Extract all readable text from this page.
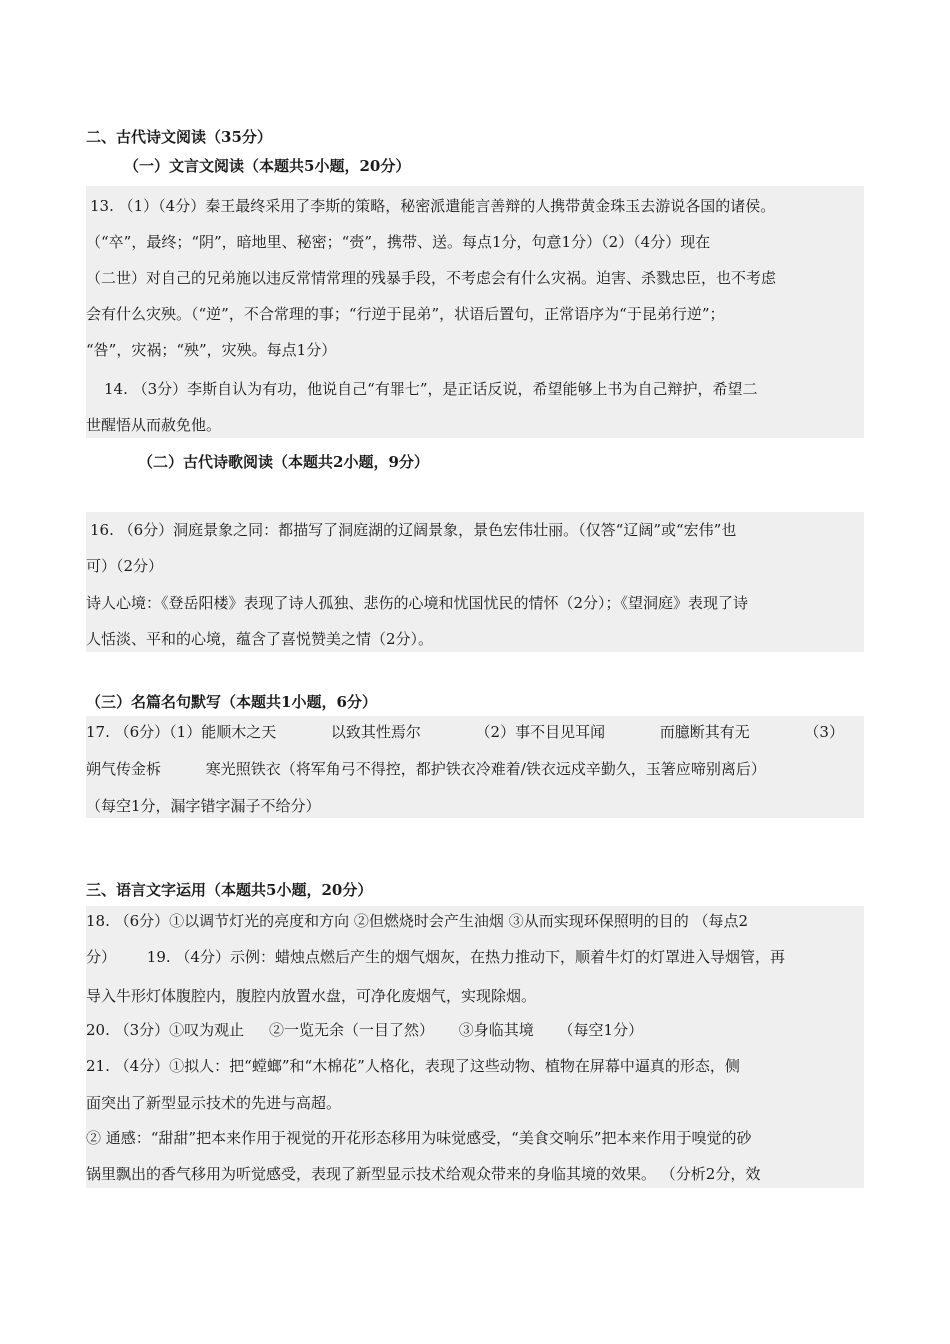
二、古代诗文阅读（35分）
（一）文言文阅读（本题共5小题，20分）
13. （1）（4分）秦王最终采用了李斯的策略，秘密派遣能言善辩的人携带黄金珠玉去游说各国的诸侯。
（“卒”，最终；“阴”，暗地里、秘密；“赍”，携带、送。每点1分，句意1分）（2）（4分）现在
（二世）对自己的兄弟施以违反常情常理的残暴手段，不考虑会有什么灾祸。迫害、杀戮忠臣，也不考虑
会有什么灾殃。（“逆”，不合常理的事；“行逆于昆弟”，状语后置句，正常语序为“于昆弟行逆”；
“咎”，灾祸；“殃”，灾殃。每点1分）
14. （3分）李斯自认为有功，他说自己“有罪七”，是正话反说，希望能够上书为自己辩护，希望二
世醒悟从而赦免他。
（二）古代诗歌阅读（本题共2小题，9分）
16. （6分）洞庭景象之同：都描写了洞庭湖的辽阔景象，景色宏伟壮丽。（仅答“辽阔”或“宏伟”也
可）（2分）
诗人心境：《登岳阳楼》表现了诗人孤独、悲伤的心境和忧国忧民的情怀（2分）；《望洞庭》表现了诗
人恬淡、平和的心境，蕴含了喜悦赞美之情（2分）。
（三）名篇名句默写（本题共1小题，6分）
17. （6分）（1）能顺木之天	以致其性焉尔	（2）事不目见耳闻	而臆断其有无	（3）
朔气传金柝	寒光照铁衣（将军角弓不得控，都护铁衣冷难着/铁衣远戍辛勤久，玉箸应啼别离后）
（每空1分，漏字错字漏子不给分）
三、语言文字运用（本题共5小题，20分）
18. （6分）①以调节灯光的亮度和方向 ②但燃烧时会产生油烟 ③从而实现环保照明的目的 （每点2
分） 19. （4分）示例：蜡烛点燃后产生的烟气烟灰，在热力推动下，顺着牛灯的灯罩进入导烟管，再
导入牛形灯体腹腔内，腹腔内放置水盘，可净化废烟气，实现除烟。
20. （3分）①叹为观止 ②一览无余（一目了然） ③身临其境 （每空1分）
21. （4分）①拟人：把“螳螂”和“木棉花”人格化，表现了这些动物、植物在屏幕中逼真的形态，侧
面突出了新型显示技术的先进与高超。
② 通感：“甜甜”把本来作用于视觉的开花形态移用为味觉感受，“美食交响乐”把本来作用于嗅觉的砂
锅里飘出的香气移用为听觉感受，表现了新型显示技术给观众带来的身临其境的效果。 （分析2分，效
